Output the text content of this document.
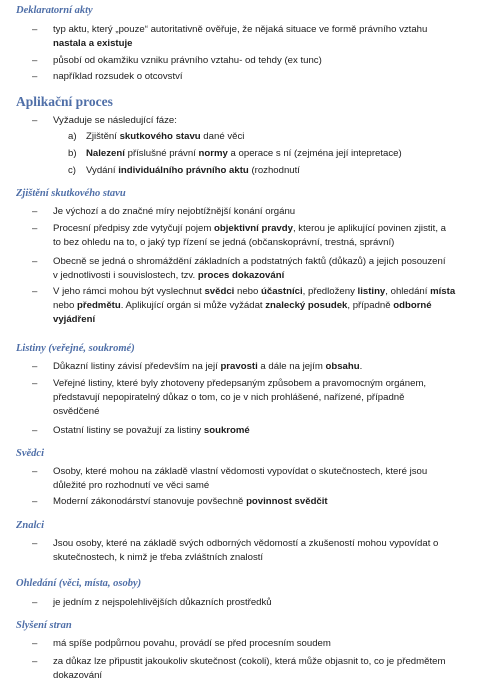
Deklaratorní akty
–	typ aktu, který „pouze“ autoritativně ověřuje, že nějaká situace ve formě právního vztahu
nastala a existuje
–	působí od okamžiku vzniku právního vztahu- od tehdy (ex tunc)
–	například rozsudek o otcovství
Aplikační proces
–	Vyžaduje se následující fáze:
a) Zjištění skutkového stavu dané věci
b) Nalezení příslušné právní normy a operace s ní (zejména její intepretace)
c) Vydání individuálního právního aktu (rozhodnutí
Zjištění skutkového stavu
–	Je výchozí a do značné míry nejobtížnější konání orgánu
–	Procesní předpisy zde vytyčují pojem objektivní pravdy, kterou je aplikující povinen zjistit, a
to bez ohledu na to, o jaký typ řízení se jedná (občanskoprávní, trestná, správní)
–	Obecně se jedná o shromáždění základních a podstatných faktů (důkazů) a jejich posouzení
v jednotlivosti i souvislostech, tzv. proces dokazování
–	V jeho rámci mohou být vyslechnut svědci nebo účastníci, předloženy listiny, ohledání místa
nebo předmětu. Aplikující orgán si může vyžádat znalecký posudek, případně odborné
vyjádření
Listiny (veřejné, soukromé)
–	Důkazní listiny závisí především na její pravosti a dále na jejím obsahu.
–	Veřejné listiny, které byly zhotoveny předepsaným způsobem a pravomocným orgánem,
představují nepopiratelný důkaz o tom, co je v nich prohlášené, nařízené, případně
osvědčené
–	Ostatní listiny se považují za listiny soukromé
Svědci
–	Osoby, které mohou na základě vlastní vědomosti vypovídat o skutečnostech, které jsou
důležité pro rozhodnutí ve věci samé
–	Moderní zákonodárství stanovuje povšechně povinnost svědčit
Znalci
–	Jsou osoby, které na základě svých odborných vědomostí a zkušeností mohou vypovídat o
skutečnostech, k nimž je třeba zvláštních znalostí
Ohledání (věci, místa, osoby)
–	je jedním z nejspolehlivějších důkazních prostředků
Slyšení stran
–	má spíše podpůrnou povahu, provádí se před procesním soudem
–	za důkaz lze připustit jakoukoliv skutečnost (cokoli), která může objasnit to, co je předmětem
dokazování
